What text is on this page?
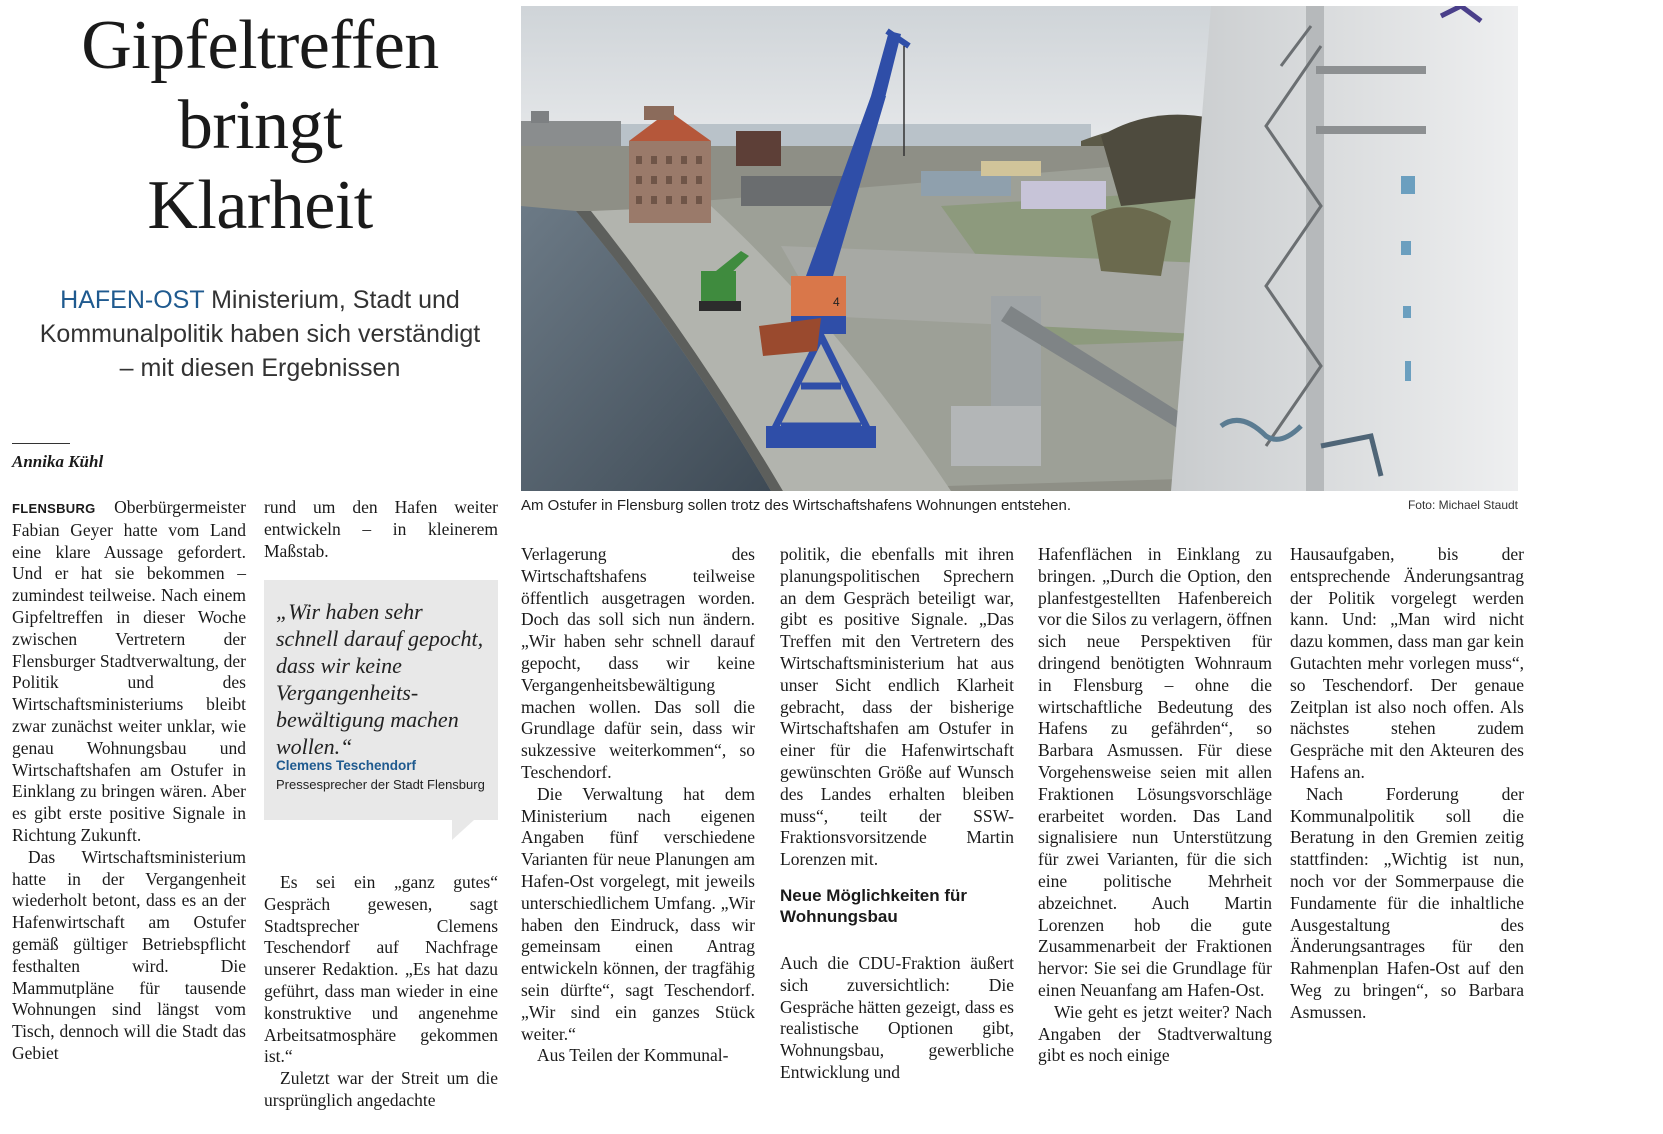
Gipfeltreffen
bringt
Klarheit

HAFEN-OST Ministerium, Stadt und
Kommunalpolitik haben sich verständigt
– mit diesen Ergebnissen

Annika Kühl
4
Am Ostufer in Flensburg sollen trotz des Wirtschaftshafens Wohnungen entstehen.	Foto: Michael Staudt

FLENSBURG Oberbürgermeister Fabian Geyer hatte vom Land eine klare Aussage gefordert. Und er hat sie bekommen – zumindest teilweise. Nach einem Gipfeltreffen in dieser Woche zwischen Vertretern der Flensburger Stadtverwaltung, der Politik und des Wirtschaftsministeriums bleibt zwar zunächst weiter unklar, wie genau Wohnungsbau und Wirtschaftshafen am Ostufer in Einklang zu bringen wären. Aber es gibt erste positive Signale in Richtung Zukunft.

Das Wirtschaftsministerium hatte in der Vergangenheit wiederholt betont, dass es an der Hafenwirtschaft am Ostufer gemäß gültiger Betriebspflicht festhalten wird. Die Mammutpläne für tausende Wohnungen sind längst vom Tisch, dennoch will die Stadt das Gebiet

rund um den Hafen weiter entwickeln – in kleinerem Maßstab.

„Wir haben sehr schnell darauf gepocht, dass wir keine Vergangenheitsbewältigung machen wollen.“

Clemens Teschendorf
Pressesprecher der Stadt Flensburg

Es sei ein „ganz gutes“ Gespräch gewesen, sagt Stadtsprecher Clemens Teschendorf auf Nachfrage unserer Redaktion. „Es hat dazu geführt, dass man wieder in eine konstruktive und angenehme Arbeitsatmosphäre gekommen ist.“

Zuletzt war der Streit um die ursprünglich angedachte

Verlagerung des Wirtschaftshafens teilweise öffentlich ausgetragen worden. Doch das soll sich nun ändern. „Wir haben sehr schnell darauf gepocht, dass wir keine Vergangenheitsbewältigung machen wollen. Das soll die Grundlage dafür sein, dass wir sukzessive weiterkommen“, so Teschendorf.

Die Verwaltung hat dem Ministerium nach eigenen Angaben fünf verschiedene Varianten für neue Planungen am Hafen-Ost vorgelegt, mit jeweils unterschiedlichem Umfang. „Wir haben den Eindruck, dass wir gemeinsam einen Antrag entwickeln können, der tragfähig sein dürfte“, sagt Teschendorf. „Wir sind ein ganzes Stück weiter.“

Aus Teilen der Kommunal-

politik, die ebenfalls mit ihren planungspolitischen Sprechern an dem Gespräch beteiligt war, gibt es positive Signale. „Das Treffen mit den Vertretern des Wirtschaftsministerium hat aus unser Sicht endlich Klarheit gebracht, dass der bisherige Wirtschaftshafen am Ostufer in einer für die Hafenwirtschaft gewünschten Größe auf Wunsch des Landes erhalten bleiben muss“, teilt der SSW-Fraktionsvorsitzende Martin Lorenzen mit.

Neue Möglichkeiten für Wohnungsbau

Auch die CDU-Fraktion äußert sich zuversichtlich: Die Gespräche hätten gezeigt, dass es realistische Optionen gibt, Wohnungsbau, gewerbliche Entwicklung und

Hafenflächen in Einklang zu bringen. „Durch die Option, den planfestgestellten Hafenbereich vor die Silos zu verlagern, öffnen sich neue Perspektiven für dringend benötigten Wohnraum in Flensburg – ohne die wirtschaftliche Bedeutung des Hafens zu gefährden“, so Barbara Asmussen. Für diese Vorgehensweise seien mit allen Fraktionen Lösungsvorschläge erarbeitet worden. Das Land signalisiere nun Unterstützung für zwei Varianten, für die sich eine politische Mehrheit abzeichnet. Auch Martin Lorenzen hob die gute Zusammenarbeit der Fraktionen hervor: Sie sei die Grundlage für einen Neuanfang am Hafen-Ost.

Wie geht es jetzt weiter? Nach Angaben der Stadtverwaltung gibt es noch einige

Hausaufgaben, bis der entsprechende Änderungsantrag der Politik vorgelegt werden kann. Und: „Man wird nicht dazu kommen, dass man gar kein Gutachten mehr vorlegen muss“, so Teschendorf. Der genaue Zeitplan ist also noch offen. Als nächstes stehen zudem Gespräche mit den Akteuren des Hafens an.

Nach Forderung der Kommunalpolitik soll die Beratung in den Gremien zeitig stattfinden: „Wichtig ist nun, noch vor der Sommerpause die Fundamente für die inhaltliche Ausgestaltung des Änderungsantrages für den Rahmenplan Hafen-Ost auf den Weg zu bringen“, so Barbara Asmussen.
